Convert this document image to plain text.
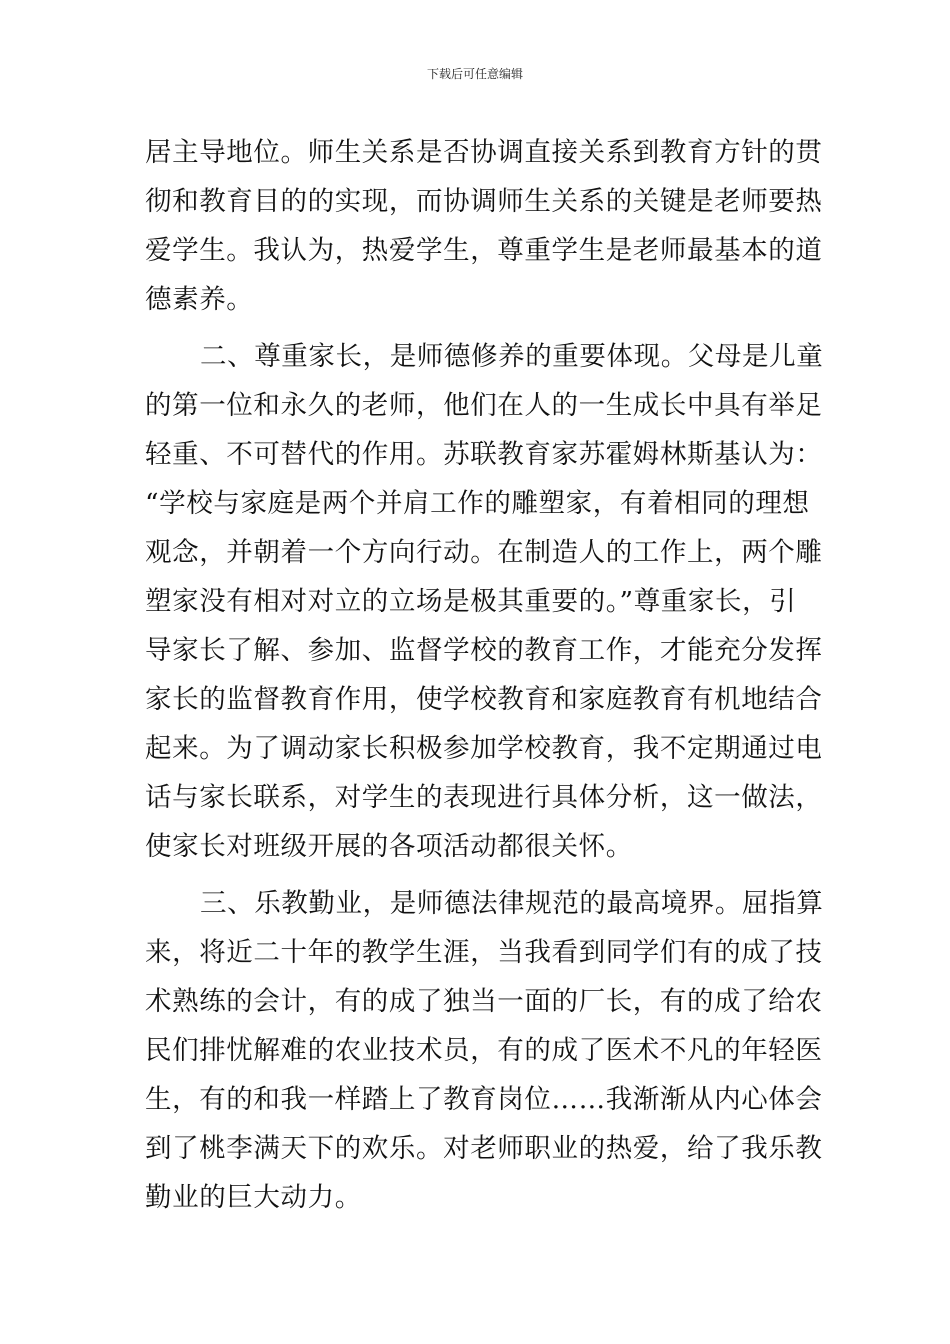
下载后可任意编辑
居主导地位。师生关系是否协调直接关系到教育方针的贯
彻和教育目的的实现，而协调师生关系的关键是老师要热
爱学生。我认为，热爱学生，尊重学生是老师最基本的道
德素养。
二、尊重家长，是师德修养的重要体现。父母是儿童
的第一位和永久的老师，他们在人的一生成长中具有举足
轻重、不可替代的作用。苏联教育家苏霍姆林斯基认为：
“学校与家庭是两个并肩工作的雕塑家，有着相同的理想
观念，并朝着一个方向行动。在制造人的工作上，两个雕
塑家没有相对对立的立场是极其重要的。”尊重家长，引
导家长了解、参加、监督学校的教育工作，才能充分发挥
家长的监督教育作用，使学校教育和家庭教育有机地结合
起来。为了调动家长积极参加学校教育，我不定期通过电
话与家长联系，对学生的表现进行具体分析，这一做法，
使家长对班级开展的各项活动都很关怀。
三、乐教勤业，是师德法律规范的最高境界。屈指算
来，将近二十年的教学生涯，当我看到同学们有的成了技
术熟练的会计，有的成了独当一面的厂长，有的成了给农
民们排忧解难的农业技术员，有的成了医术不凡的年轻医
生，有的和我一样踏上了教育岗位……我渐渐从内心体会
到了桃李满天下的欢乐。对老师职业的热爱，给了我乐教
勤业的巨大动力。
